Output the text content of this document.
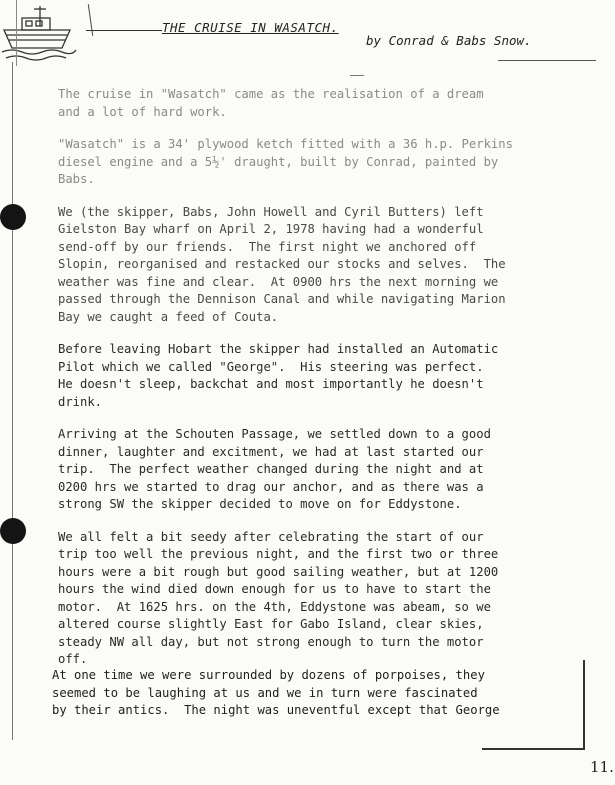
THE CRUISE IN WASATCH.
by Conrad & Babs Snow.

The cruise in "Wasatch" came as the realisation of a dream
and a lot of hard work.

"Wasatch" is a 34' plywood ketch fitted with a 36 h.p. Perkins
diesel engine and a 5½' draught, built by Conrad, painted by
Babs.

We (the skipper, Babs, John Howell and Cyril Butters) left
Gielston Bay wharf on April 2, 1978 having had a wonderful
send-off by our friends.  The first night we anchored off
Slopin, reorganised and restacked our stocks and selves.  The
weather was fine and clear.  At 0900 hrs the next morning we
passed through the Dennison Canal and while navigating Marion
Bay we caught a feed of Couta.

Before leaving Hobart the skipper had installed an Automatic
Pilot which we called "George".  His steering was perfect.
He doesn't sleep, backchat and most importantly he doesn't
drink.

Arriving at the Schouten Passage, we settled down to a good
dinner, laughter and excitment, we had at last started our
trip.  The perfect weather changed during the night and at
0200 hrs we started to drag our anchor, and as there was a
strong SW the skipper decided to move on for Eddystone.

We all felt a bit seedy after celebrating the start of our
trip too well the previous night, and the first two or three
hours were a bit rough but good sailing weather, but at 1200
hours the wind died down enough for us to have to start the
motor.  At 1625 hrs. on the 4th, Eddystone was abeam, so we
altered course slightly East for Gabo Island, clear skies,
steady NW all day, but not strong enough to turn the motor
off.

At one time we were surrounded by dozens of porpoises, they
seemed to be laughing at us and we in turn were fascinated
by their antics.  The night was uneventful except that George

11.
